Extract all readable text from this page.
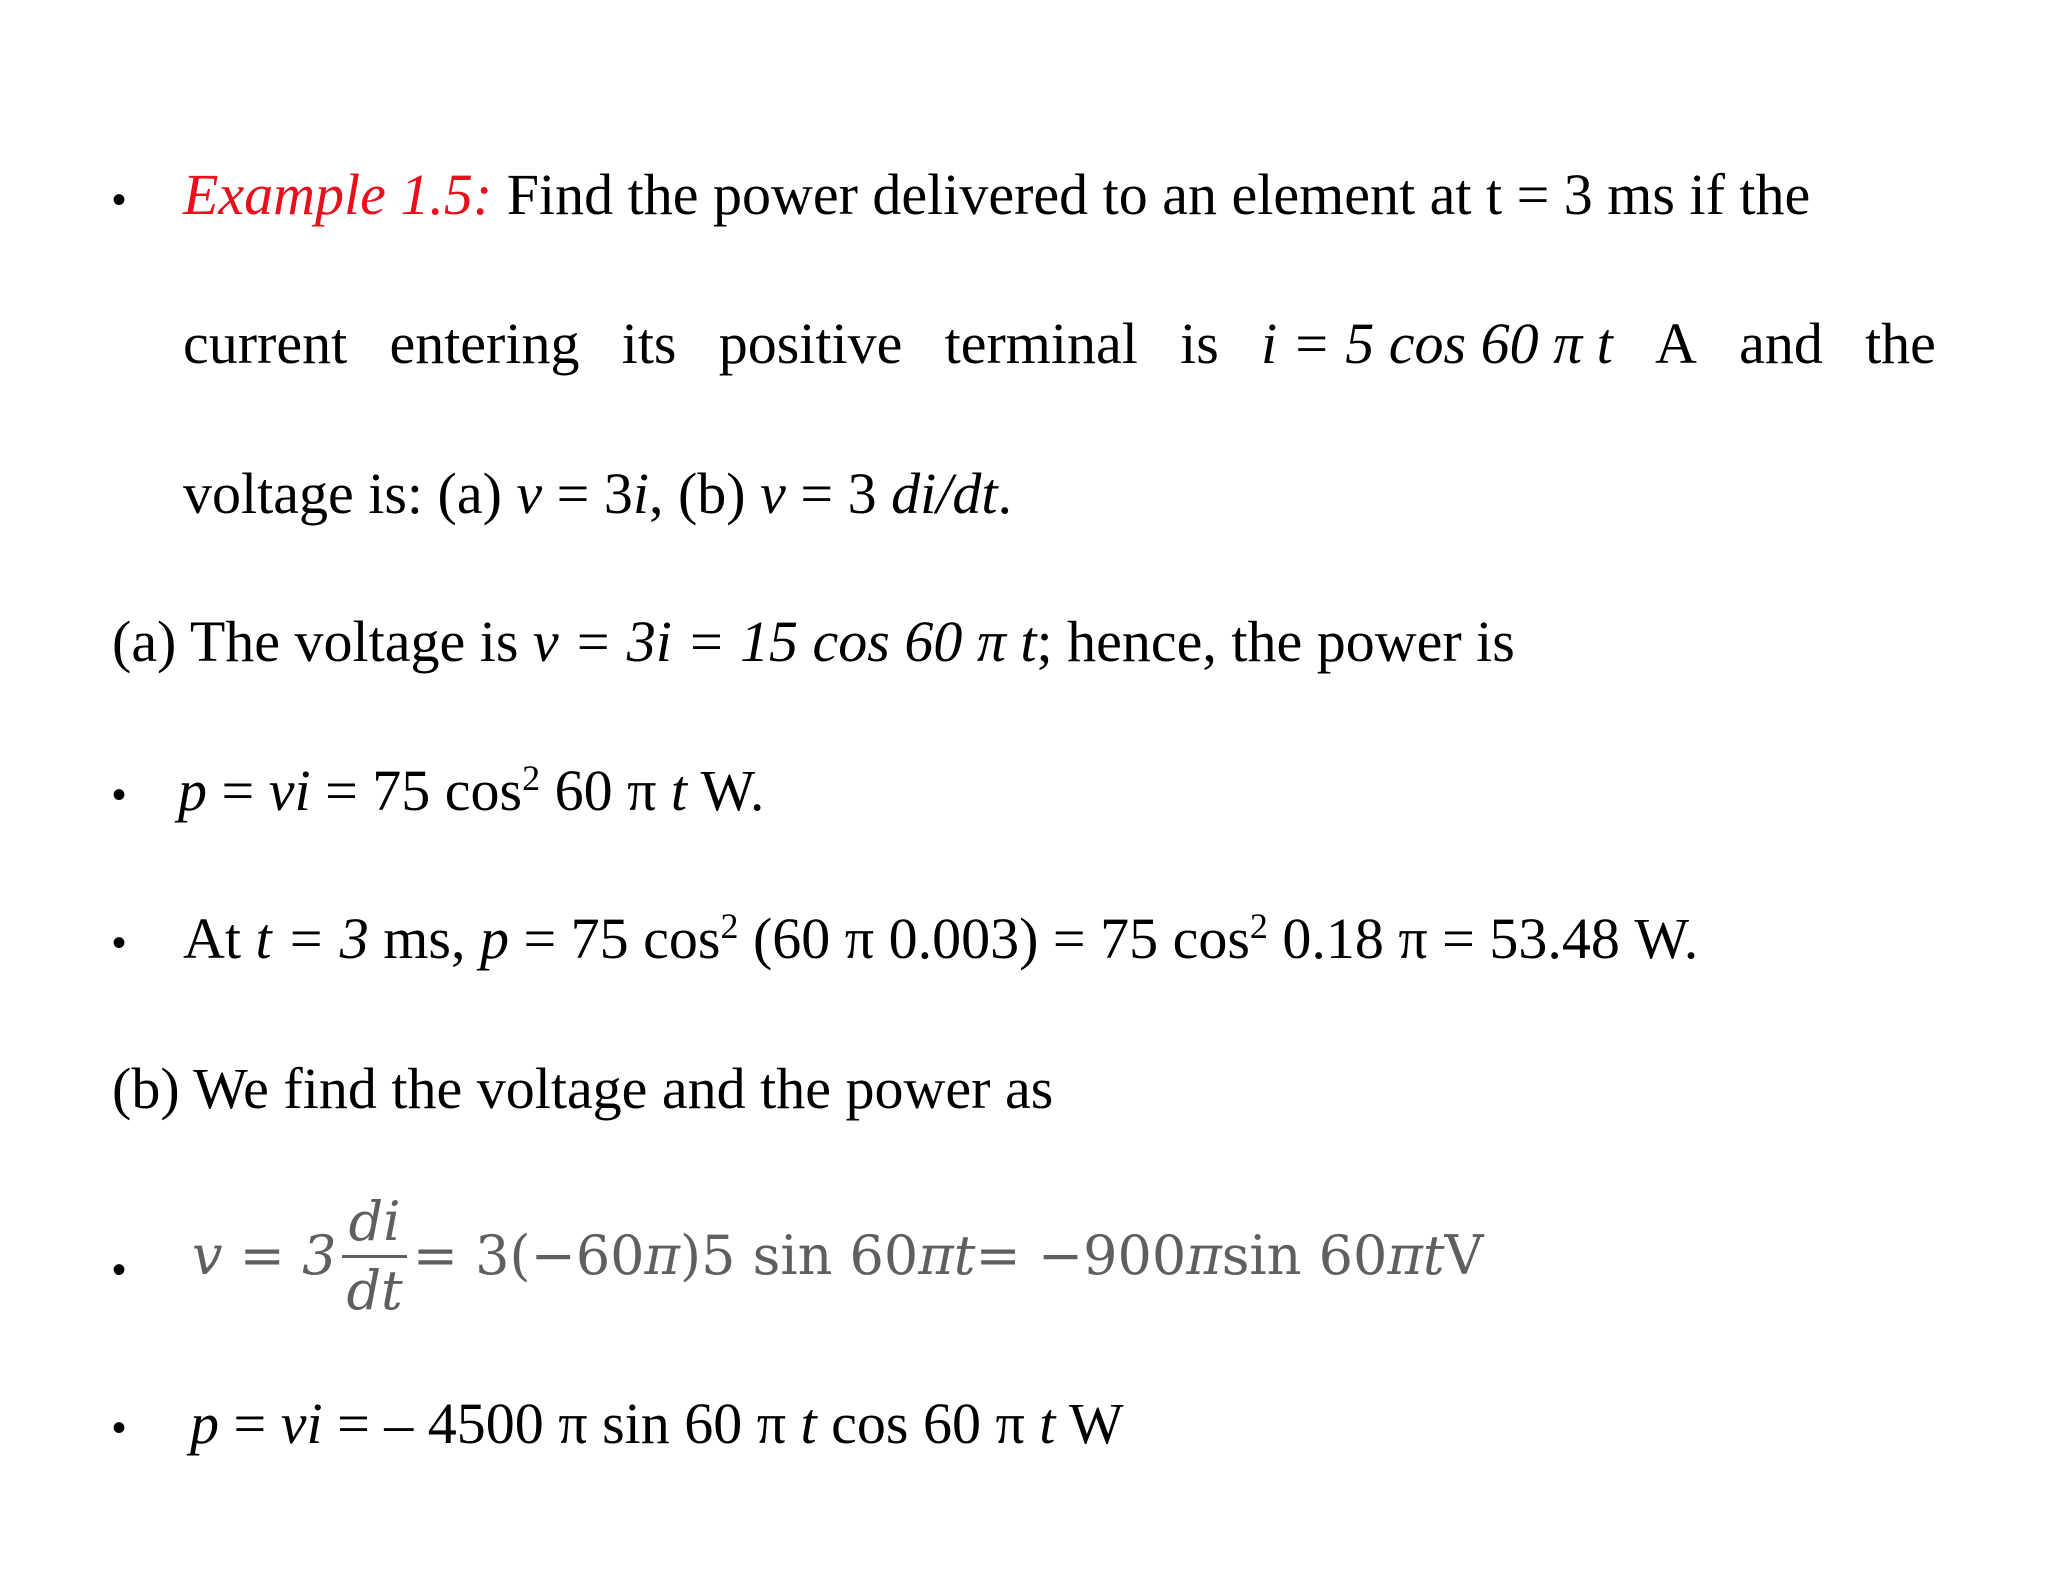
• Example 1.5: Find the power delivered to an element at t = 3 ms if the
current entering its positive terminal is i = 5 cos 60 π t A and the
voltage is: (a) v = 3i, (b) v = 3 di/dt.
(a) The voltage is v = 3i = 15 cos 60 π t; hence, the power is
• p = vi = 75 $\cos^2 60$ π t W.
• At t = 3 ms, p = 75 $\cos^2 (60$ π 0.003) = 75 $\cos^2 0.18$ π = 53.48 W.
(b) We find the voltage and the power as
• $v = 3 \frac{di}{dt} = 3(-60$ π )5 sin 60 π t = −900 π sin 60 π t V
• p = vi = – 4500 π sin 60 π t cos 60 π t W
